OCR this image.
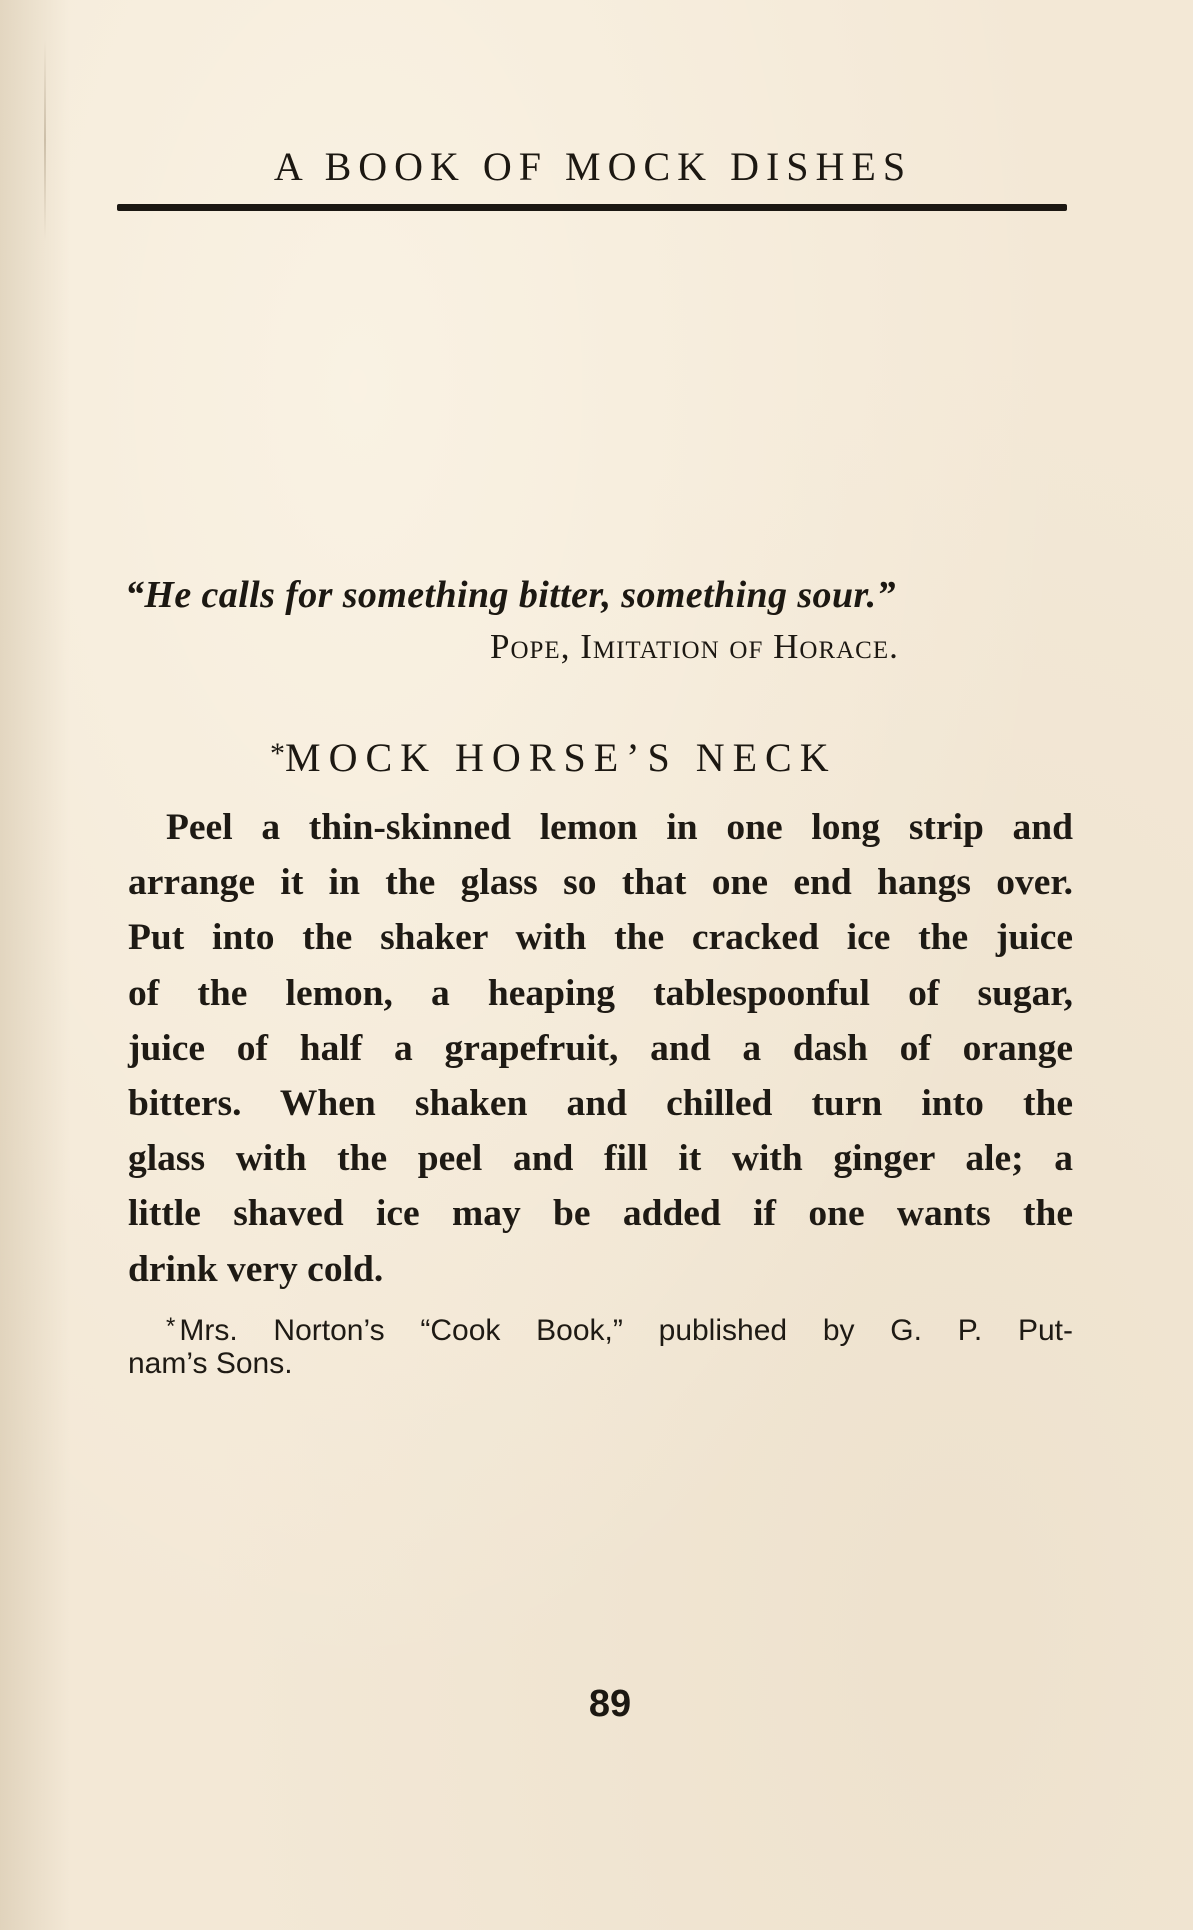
A BOOK OF MOCK DISHES
“He calls for something bitter, something sour.”
Pope, Imitation of Horace.
*MOCK HORSE’S NECK
Peel a thin-skinned lemon in one long strip and
arrange it in the glass so that one end hangs over.
Put into the shaker with the cracked ice the juice
of the lemon, a heaping tablespoonful of sugar,
juice of half a grapefruit, and a dash of orange
bitters. When shaken and chilled turn into the
glass with the peel and fill it with ginger ale; a
little shaved ice may be added if one wants the
drink very cold.
* Mrs. Norton’s “Cook Book,” published by G. P. Put-
nam’s Sons.
89
